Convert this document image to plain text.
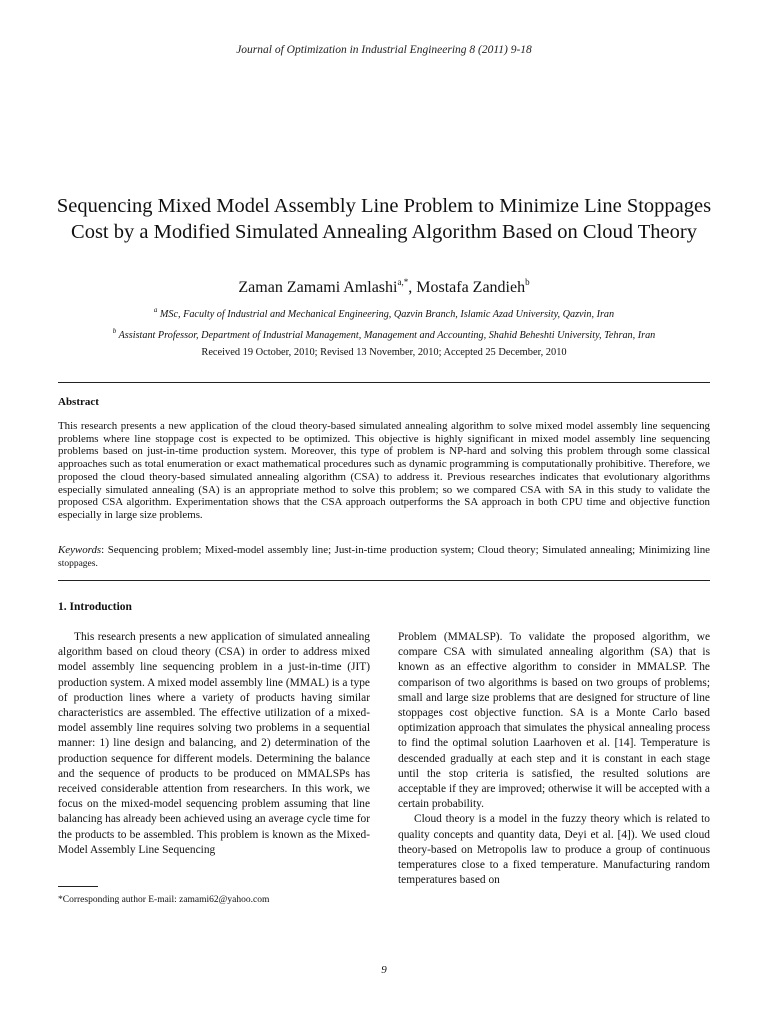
Journal of Optimization in Industrial Engineering 8 (2011) 9-18
Sequencing Mixed Model Assembly Line Problem to Minimize Line Stoppages Cost by a Modified Simulated Annealing Algorithm Based on Cloud Theory
Zaman Zamami Amlashi$^{a,*}$, Mostafa Zandieh$^b$
$^a$ MSc, Faculty of Industrial and Mechanical Engineering, Qazvin Branch, Islamic Azad University, Qazvin, Iran
$^b$ Assistant Professor, Department of Industrial Management, Management and Accounting, Shahid Beheshti University, Tehran, Iran
Received 19 October, 2010; Revised 13 November, 2010; Accepted 25 December, 2010
Abstract
This research presents a new application of the cloud theory-based simulated annealing algorithm to solve mixed model assembly line sequencing problems where line stoppage cost is expected to be optimized. This objective is highly significant in mixed model assembly line sequencing problems based on just-in-time production system. Moreover, this type of problem is NP-hard and solving this problem through some classical approaches such as total enumeration or exact mathematical procedures such as dynamic programming is computationally prohibitive. Therefore, we proposed the cloud theory-based simulated annealing algorithm (CSA) to address it. Previous researches indicates that evolutionary algorithms especially simulated annealing (SA) is an appropriate method to solve this problem; so we compared CSA with SA in this study to validate the proposed CSA algorithm. Experimentation shows that the CSA approach outperforms the SA approach in both CPU time and objective function especially in large size problems.
Keywords: Sequencing problem; Mixed-model assembly line; Just-in-time production system; Cloud theory; Simulated annealing; Minimizing line stoppages.
1. Introduction

This research presents a new application of simulated annealing algorithm based on cloud theory (CSA) in order to address mixed model assembly line sequencing problem in a just-in-time (JIT) production system. A mixed model assembly line (MMAL) is a type of production lines where a variety of products having similar characteristics are assembled. The effective utilization of a mixed-model assembly line requires solving two problems in a sequential manner: 1) line design and balancing, and 2) determination of the production sequence for different models. Determining the balance and the sequence of products to be produced on MMALSPs has received considerable attention from researchers. In this work, we focus on the mixed-model sequencing problem assuming that line balancing has already been achieved using an average cycle time for the products to be assembled. This problem is known as the Mixed-Model Assembly Line Sequencing

Problem (MMALSP). To validate the proposed algorithm, we compare CSA with simulated annealing algorithm (SA) that is known as an effective algorithm to consider in MMALSP. The comparison of two algorithms is based on two groups of problems; small and large size problems that are designed for structure of line stoppages cost objective function. SA is a Monte Carlo based optimization approach that simulates the physical annealing process to find the optimal solution Laarhoven et al. [14]. Temperature is descended gradually at each step and it is constant in each stage until the stop criteria is satisfied, the resulted solutions are acceptable if they are improved; otherwise it will be accepted with a certain probability.

Cloud theory is a model in the fuzzy theory which is related to quality concepts and quantity data, Deyi et al. [4]). We used cloud theory-based on Metropolis law to produce a group of continuous temperatures close to a fixed temperature. Manufacturing random temperatures based on

*Corresponding author E-mail: zamami62@yahoo.com
9
